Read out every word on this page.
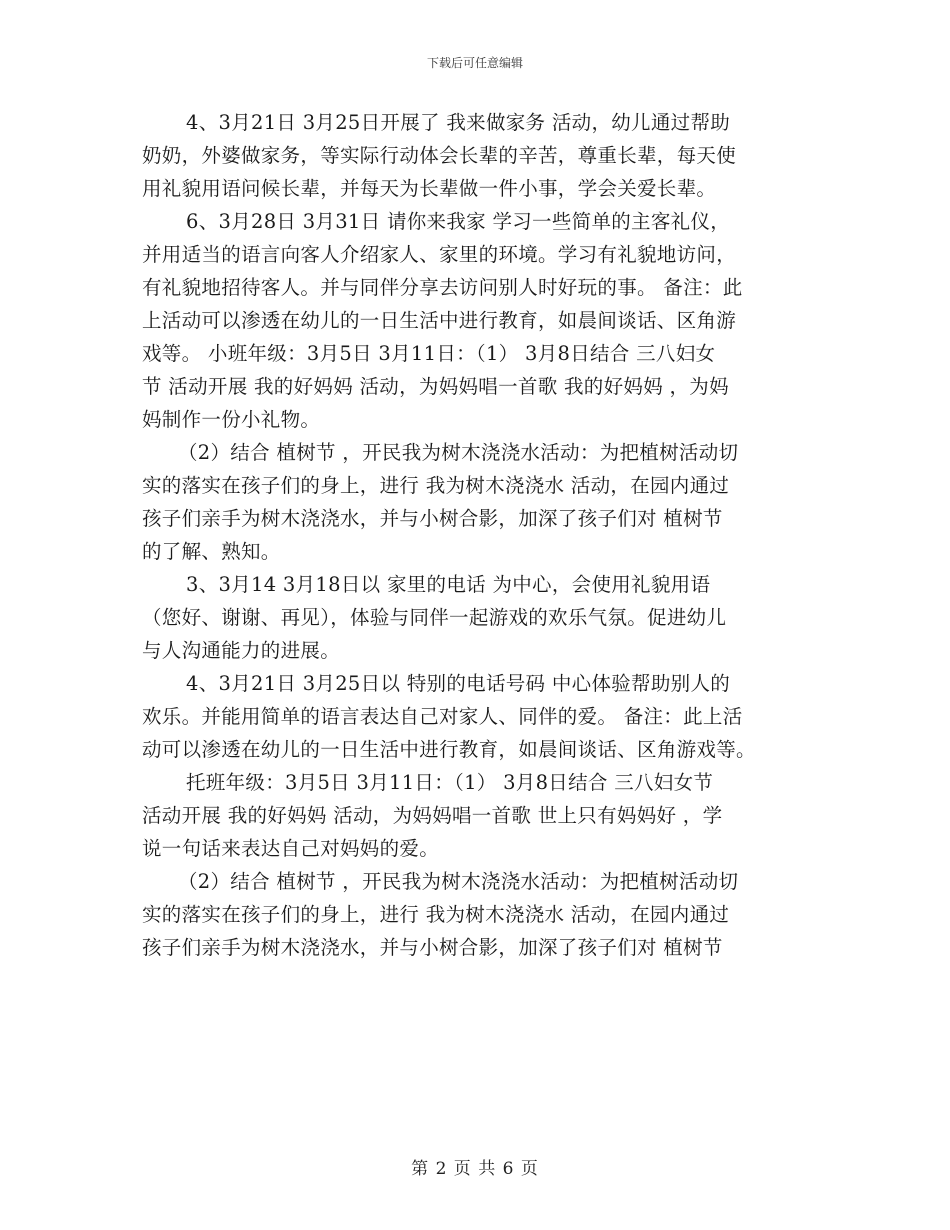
下载后可任意编辑

4、3月21日 3月25日开展了 我来做家务 活动，幼儿通过帮助
奶奶，外婆做家务，等实际行动体会长辈的辛苦，尊重长辈，每天使
用礼貌用语问候长辈，并每天为长辈做一件小事，学会关爱长辈。

6、3月28日 3月31日 请你来我家 学习一些简单的主客礼仪，
并用适当的语言向客人介绍家人、家里的环境。学习有礼貌地访问，
有礼貌地招待客人。并与同伴分享去访问别人时好玩的事。 备注：此
上活动可以渗透在幼儿的一日生活中进行教育，如晨间谈话、区角游
戏等。 小班年级：3月5日 3月11日：（1） 3月8日结合 三八妇女
节 活动开展 我的好妈妈 活动，为妈妈唱一首歌 我的好妈妈 ，为妈
妈制作一份小礼物。

（2）结合 植树节 ，开民我为树木浇浇水活动：为把植树活动切
实的落实在孩子们的身上，进行 我为树木浇浇水 活动，在园内通过
孩子们亲手为树木浇浇水，并与小树合影，加深了孩子们对 植树节
的了解、熟知。

3、3月14 3月18日以 家里的电话 为中心，会使用礼貌用语
（您好、谢谢、再见），体验与同伴一起游戏的欢乐气氛。促进幼儿
与人沟通能力的进展。

4、3月21日 3月25日以 特别的电话号码 中心体验帮助别人的
欢乐。并能用简单的语言表达自己对家人、同伴的爱。 备注：此上活
动可以渗透在幼儿的一日生活中进行教育，如晨间谈话、区角游戏等。

托班年级：3月5日 3月11日：（1） 3月8日结合 三八妇女节
活动开展 我的好妈妈 活动，为妈妈唱一首歌 世上只有妈妈好 ，学
说一句话来表达自己对妈妈的爱。

（2）结合 植树节 ，开民我为树木浇浇水活动：为把植树活动切
实的落实在孩子们的身上，进行 我为树木浇浇水 活动，在园内通过
孩子们亲手为树木浇浇水，并与小树合影，加深了孩子们对 植树节

第 2 页 共 6 页
